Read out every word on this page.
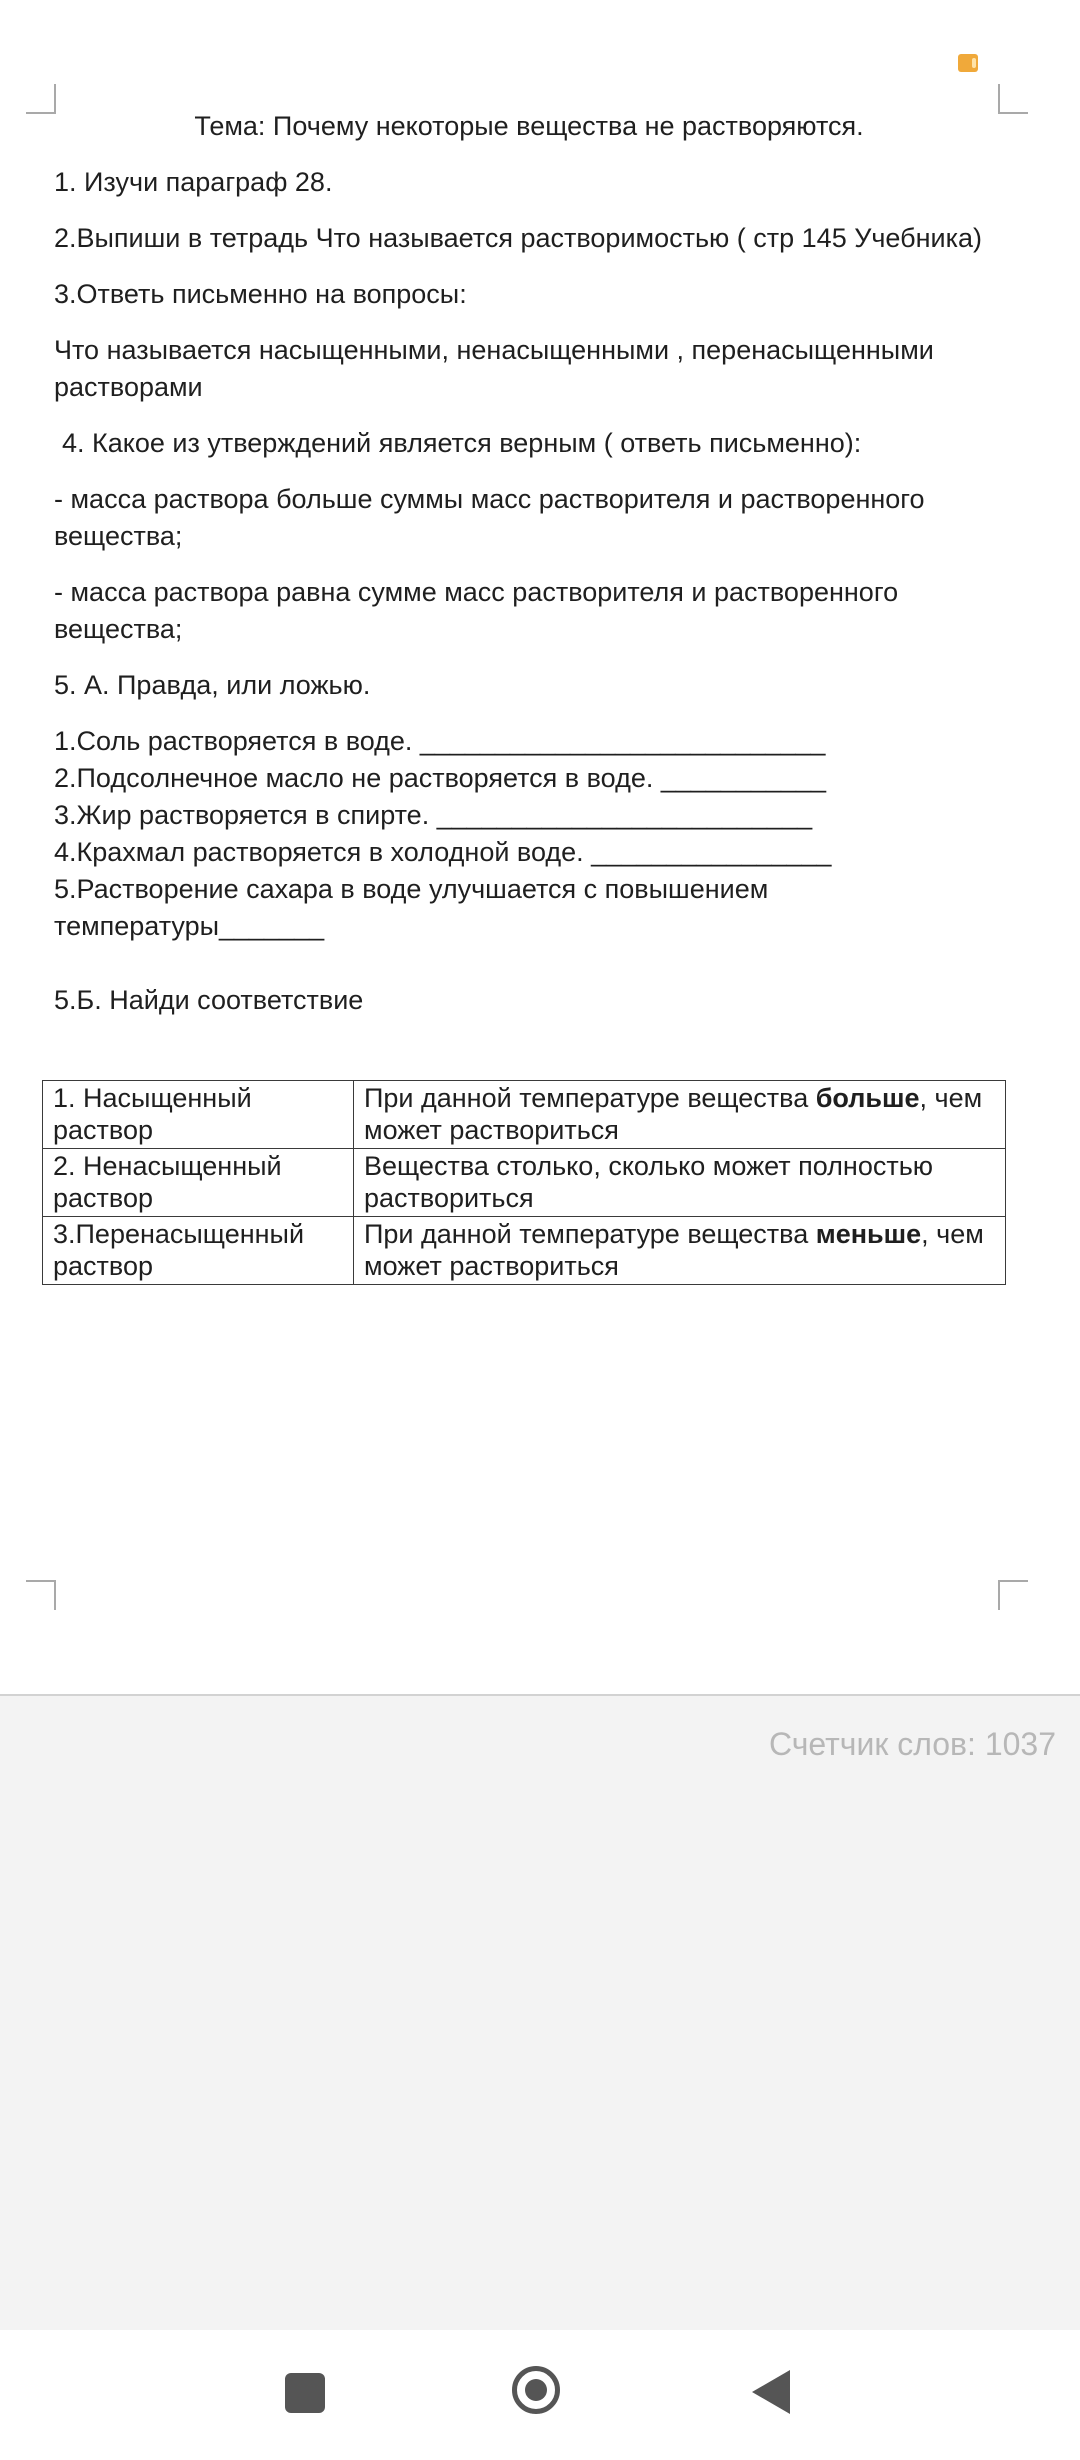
Тема: Почему некоторые вещества не растворяются.

1. Изучи параграф 28.

2.Выпиши в тетрадь Что называется растворимостью ( стр 145 Учебника)

3.Ответь письменно на вопросы:

Что называется насыщенными, ненасыщенными , перенасыщенными растворами

4. Какое из утверждений является верным ( ответь письменно):

- масса раствора больше суммы масс растворителя и растворенного вещества;

- масса раствора равна сумме масс растворителя и растворенного вещества;

5. А. Правда, или ложью.

1.Соль растворяется в воде. ___________________________

2.Подсолнечное масло не растворяется в воде. ___________

3.Жир растворяется в спирте. _________________________

4.Крахмал растворяется в холодной воде. ________________

5.Растворение сахара в воде улучшается с повышением температуры_______

5.Б. Найди соответствие

1. Насыщенный раствор	При данной температуре вещества больше, чем может раствориться
2. Ненасыщенный раствор	Вещества столько, сколько может полностью раствориться
3.Перенасыщенный раствор	При данной температуре вещества меньше, чем может раствориться
Счетчик слов: 1037
